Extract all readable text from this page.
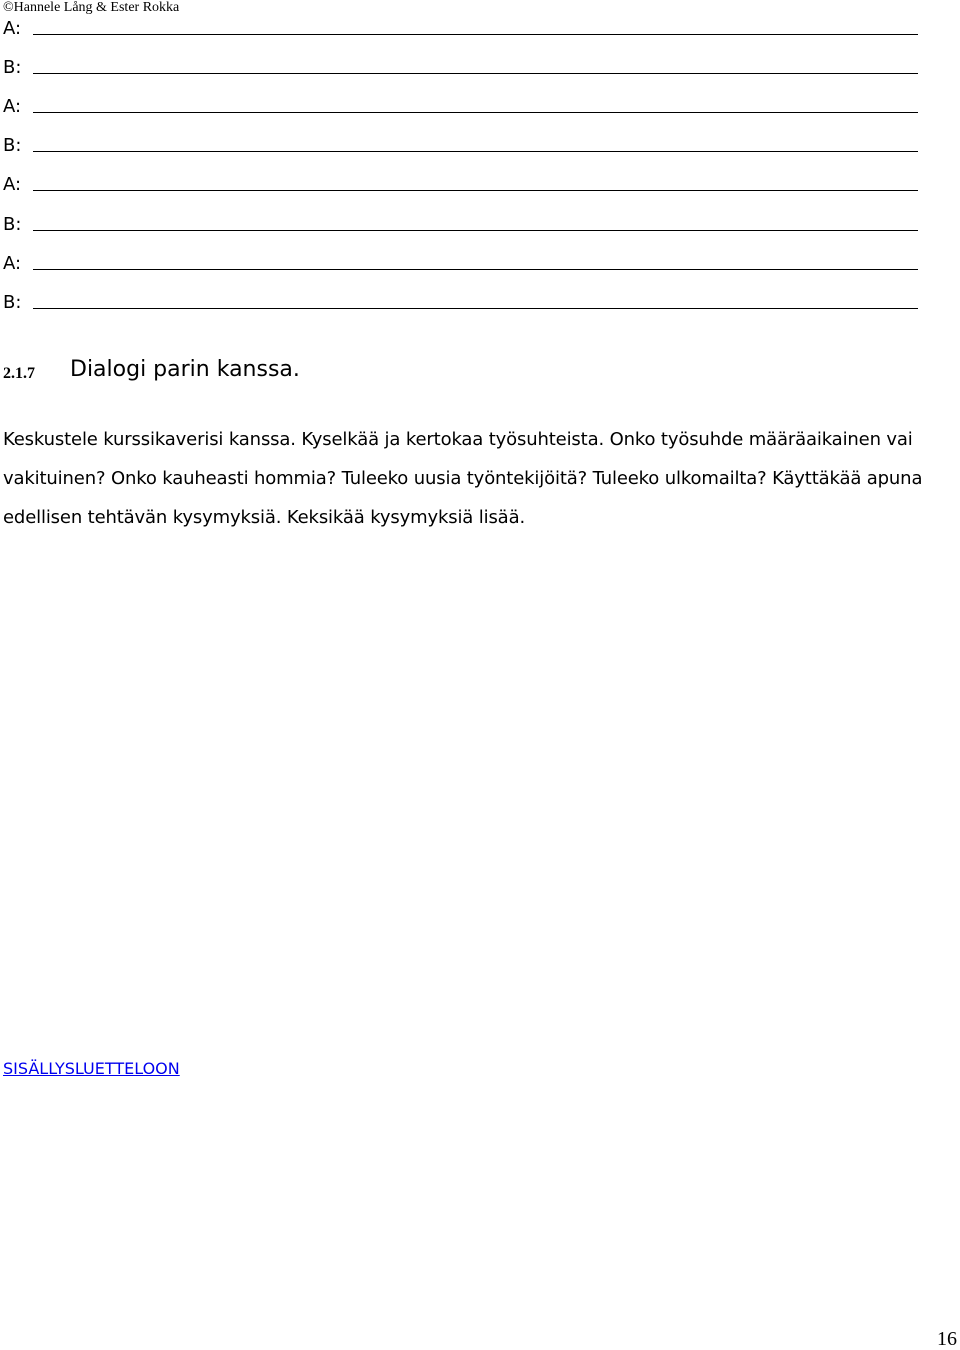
©Hannele Lång & Ester Rokka
A:
B:
A:
B:
A:
B:
A:
B:
2.1.7 Dialogi parin kanssa.

Keskustele kurssikaverisi kanssa. Kyselkää ja kertokaa työsuhteista. Onko työsuhde määräaikainen vai vakituinen? Onko kauheasti hommia? Tuleeko uusia työntekijöitä? Tuleeko ulkomailta? Käyttäkää apuna edellisen tehtävän kysymyksiä. Keksikää kysymyksiä lisää.

SISÄLLYSLUETTELOON
16
